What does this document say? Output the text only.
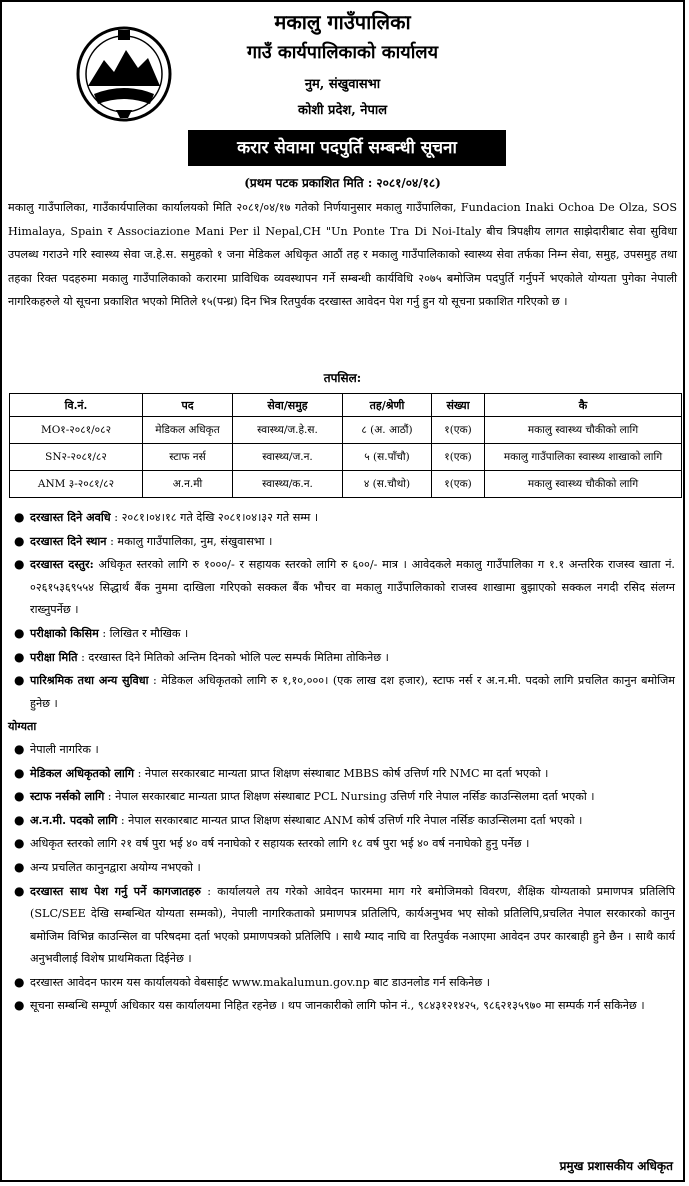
मकालु गाउँपालिका
गाउँ कार्यपालिकाको कार्यालय
नुम, संखुवासभा
कोशी प्रदेश, नेपाल
करार सेवामा पदपुर्ति सम्बन्धी सूचना
(प्रथम पटक प्रकाशित मिति : २०८१/०४/१८)
मकालु गाउँपालिका, गाउँकार्यपालिका कार्यालयको मिति २०८१/०४/१७ गतेको निर्णयानुसार मकालु गाउँपालिका, Fundacion Inaki Ochoa De Olza, SOS Himalaya, Spain र Associazione Mani Per il Nepal,CH "Un Ponte Tra Di Noi-Italy बीच त्रिपक्षीय लागत साझेदारीबाट सेवा सुविधा उपलब्ध गराउने गरि स्वास्थ्य सेवा ज.हे.स. समुहको १ जना मेडिकल अधिकृत आठौं तह र मकालु गाउँपालिकाको स्वास्थ्य सेवा तर्फका निम्न सेवा, समुह, उपसमुह तथा तहका रिक्त पदहरुमा मकालु गाउँपालिकाको करारमा प्राविधिक व्यवस्थापन गर्ने सम्बन्धी कार्यविधि २०७५ बमोजिम पदपुर्ति गर्नुपर्ने भएकोले योग्यता पुगेका नेपाली नागरिकहरुले यो सूचना प्रकाशित भएको मितिले १५(पन्ध्र) दिन भित्र रितपुर्वक दरखास्त आवेदन पेश गर्नु हुन यो सूचना प्रकाशित गरिएको छ ।
तपसिल:
वि.नं.	पद	सेवा/समुह	तह/श्रेणी	संख्या	कै
MO१-२०८१/०८२	मेडिकल अधिकृत	स्वास्थ्य/ज.हे.स.	८ (अ. आठौं)	१(एक)	मकालु स्वास्थ्य चौकीको लागि
SN२-२०८१/८२	स्टाफ नर्स	स्वास्थ्य/ज.न.	५ (स.पाँचौ)	१(एक)	मकालु गाउँपालिका स्वास्थ्य शाखाको लागि
ANM ३-२०८१/८२	अ.न.मी	स्वास्थ्य/क.न.	४ (स.चौथो)	१(एक)	मकालु स्वास्थ्य चौकीको लागि

● दरखास्त दिने अवधि : २०८१।०४।१८ गते देखि २०८१।०४।३२ गते सम्म ।

● दरखास्त दिने स्थान : मकालु गाउँपालिका, नुम, संखुवासभा ।

● दरखास्त दस्तुर: अधिकृत स्तरको लागि रु १०००/- र सहायक स्तरको लागि रु ६००/- मात्र । आवेदकले मकालु गाउँपालिका ग १.१ अन्तरिक राजस्व खाता नं. ०२६१५३६९५५४ सिद्धार्थ बैंक नुममा दाखिला गरिएको सक्कल बैंक भौचर वा मकालु गाउँपालिकाको राजस्व शाखामा बुझाएको सक्कल नगदी रसिद संलग्न राख्नुपर्नेछ ।

● परीक्षाको किसिम : लिखित र मौखिक ।

● परीक्षा मिति : दरखास्त दिने मितिको अन्तिम दिनको भोलि पल्ट सम्पर्क मितिमा तोकिनेछ ।

● पारिश्रमिक तथा अन्य सुविधा : मेडिकल अधिकृतको लागि रु १,१०,०००। (एक लाख दश हजार), स्टाफ नर्स र अ.न.मी. पदको लागि प्रचलित कानुन बमोजिम हुनेछ ।

योग्यता

● नेपाली नागरिक ।

● मेडिकल अधिकृतको लागि : नेपाल सरकारबाट मान्यता प्राप्त शिक्षण संस्थाबाट MBBS कोर्ष उत्तिर्ण गरि NMC मा दर्ता भएको ।

● स्टाफ नर्सको लागि : नेपाल सरकारबाट मान्यता प्राप्त शिक्षण संस्थाबाट PCL Nursing उत्तिर्ण गरि नेपाल नर्सिङ काउन्सिलमा दर्ता भएको ।

● अ.न.मी. पदको लागि : नेपाल सरकारबाट मान्यत प्राप्त शिक्षण संस्थाबाट ANM कोर्ष उत्तिर्ण गरि नेपाल नर्सिङ काउन्सिलमा दर्ता भएको ।

● अधिकृत स्तरको लागि २१ वर्ष पुरा भई ४० वर्ष ननाघेको र सहायक स्तरको लागि १८ वर्ष पुरा भई ४० वर्ष ननाघेको हुनु पर्नेछ ।

● अन्य प्रचलित कानुनद्वारा अयोग्य नभएको ।

● दरखास्त साथ पेश गर्नु पर्ने कागजातहरु : कार्यालयले तय गरेको आवेदन फारममा माग गरे बमोजिमको विवरण, शैक्षिक योग्यताको प्रमाणपत्र प्रतिलिपि (SLC/SEE देखि सम्बन्धित योग्यता सम्मको), नेपाली नागरिकताको प्रमाणपत्र प्रतिलिपि, कार्यअनुभव भए सोको प्रतिलिपि,प्रचलित नेपाल सरकारको कानुन बमोजिम विभिन्न काउन्सिल वा परिषदमा दर्ता भएको प्रमाणपत्रको प्रतिलिपि । साथै म्याद नाघि वा रितपुर्वक नआएमा आवेदन उपर कारबाही हुने छैन । साथै कार्य अनुभवीलाई विशेष प्राथमिकता दिईनेछ ।

● दरखास्त आवेदन फारम यस कार्यालयको वेबसाईट www.makalumun.gov.np बाट डाउनलोड गर्न सकिनेछ ।

● सूचना सम्बन्धि सम्पूर्ण अधिकार यस कार्यालयमा निहित रहनेछ । थप जानकारीको लागि फोन नं., ९८४३१२१४२५, ९८६२१३५९७० मा सम्पर्क गर्न सकिनेछ ।

प्रमुख प्रशासकीय अधिकृत
